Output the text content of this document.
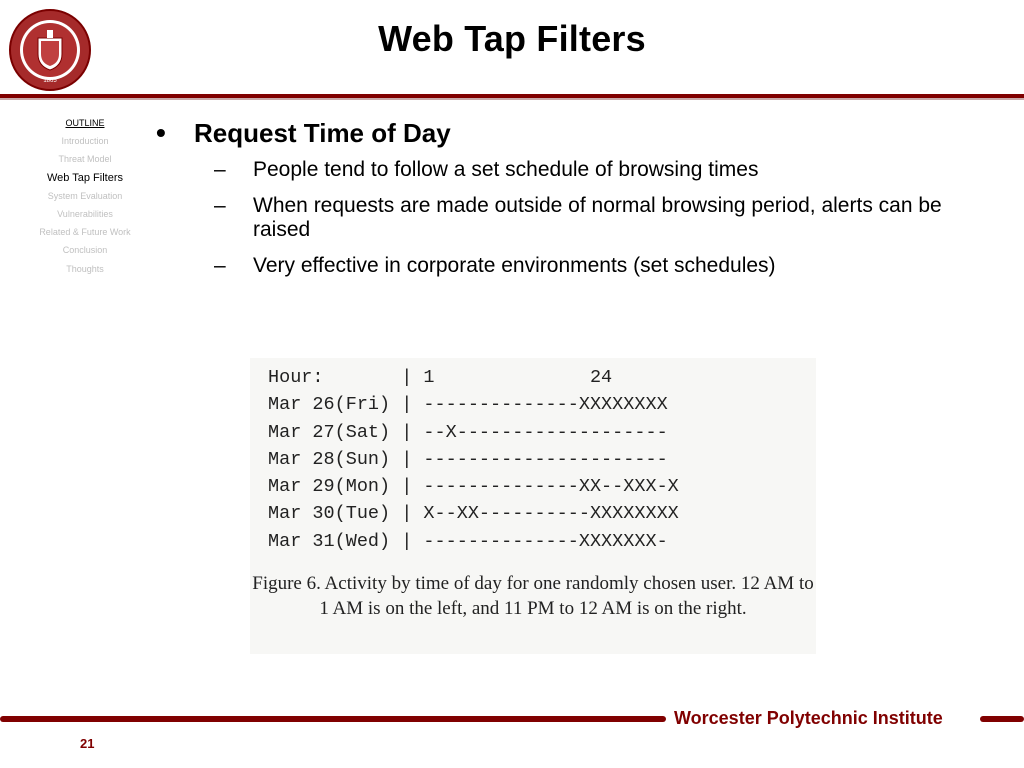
1865
Web Tap Filters
OUTLINE
Introduction
Threat Model
Web Tap Filters
System Evaluation
Vulnerabilities
Related & Future Work
Conclusion
Thoughts
• Request Time of Day
– People tend to follow a set schedule of browsing times
– When requests are made outside of normal browsing period, alerts can be raised
– Very effective in corporate environments (set schedules)
Hour:       | 1              24
Mar 26(Fri) | --------------XXXXXXXX
Mar 27(Sat) | --X-------------------
Mar 28(Sun) | ----------------------
Mar 29(Mon) | --------------XX--XXX-X
Mar 30(Tue) | X--XX----------XXXXXXXX
Mar 31(Wed) | --------------XXXXXXX-
Figure 6. Activity by time of day for one randomly chosen user. 12 AM to 1 AM is on the left, and 11 PM to 12 AM is on the right.
Worcester Polytechnic Institute
21
